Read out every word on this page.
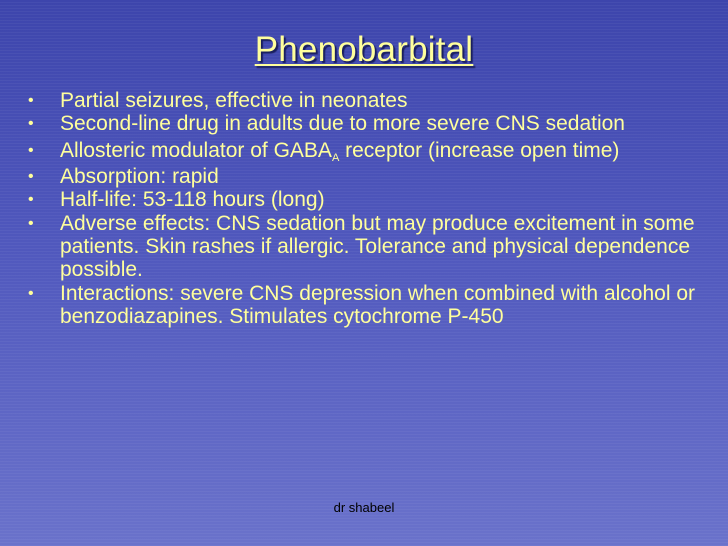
Phenobarbital
•	Partial seizures, effective in neonates
•	Second-line drug in adults due to more severe CNS sedation
•	Allosteric modulator of $GABA_A$ receptor (increase open time)
•	Absorption: rapid
•	Half-life: 53-118 hours (long)
•	Adverse effects: CNS sedation but may produce excitement in some patients. Skin rashes if allergic. Tolerance and physical dependence possible.
•	Interactions: severe CNS depression when combined with alcohol or benzodiazapines. Stimulates cytochrome P-450
dr shabeel
